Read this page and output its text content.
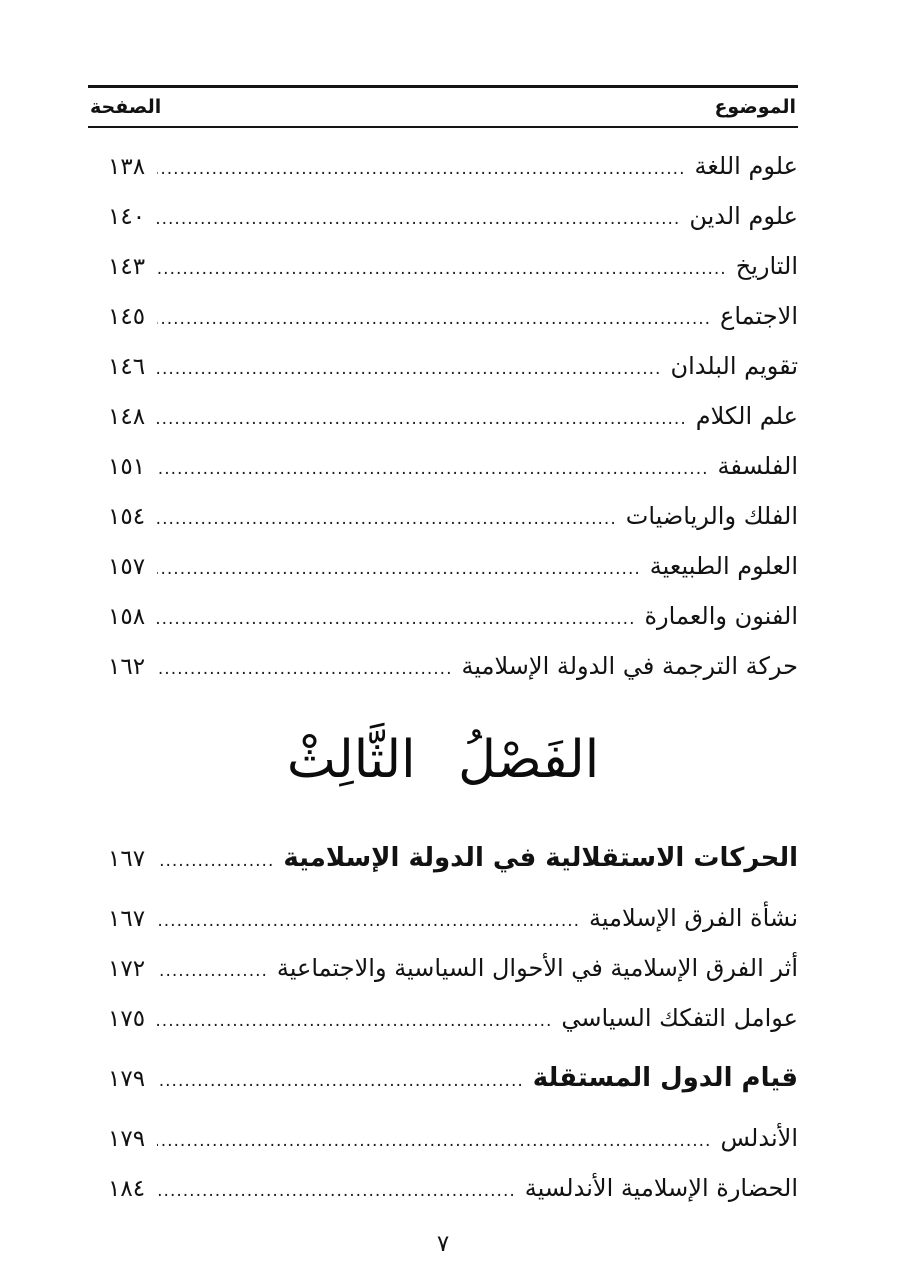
الموضوع
الصفحة
علوم اللغة
.....
١٣٨
علوم الدين
.....
١٤٠
التاريخ
.....
١٤٣
الاجتماع
.....
١٤٥
تقويم البلدان
.....
١٤٦
علم الكلام
.....
١٤٨
الفلسفة
.....
١٥١
الفلك والرياضيات
.....
١٥٤
العلوم الطبيعية
.....
١٥٧
الفنون والعمارة
.....
١٥٨
حركة الترجمة في الدولة الإسلامية
.....
١٦٢
الفَصْلُ الثَّالِثْ
الحركات الاستقلالية في الدولة الإسلامية
.....
١٦٧
نشأة الفرق الإسلامية
.....
١٦٧
أثر الفرق الإسلامية في الأحوال السياسية والاجتماعية
.....
١٧٢
عوامل التفكك السياسي
.....
١٧٥
قيام الدول المستقلة
.....
١٧٩
الأندلس
.....
١٧٩
الحضارة الإسلامية الأندلسية
.....
١٨٤
٧
